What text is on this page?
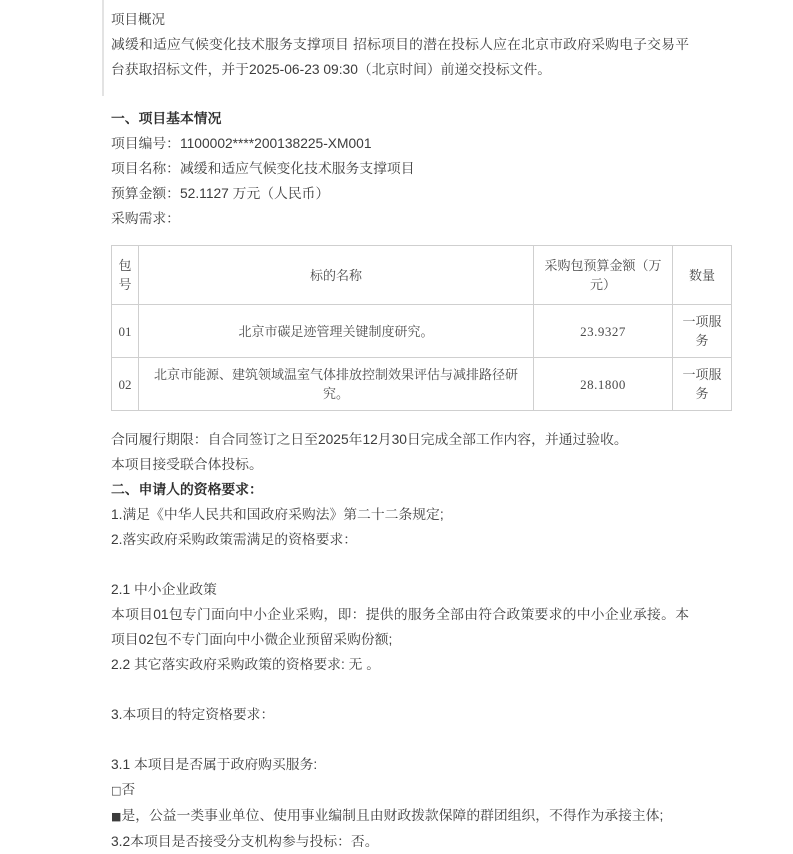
项目概况
减缓和适应气候变化技术服务支撑项目 招标项目的潜在投标人应在北京市政府采购电子交易平台获取招标文件，并于2025-06-23 09:30（北京时间）前递交投标文件。
一、项目基本情况
项目编号：1100002****200138225-XM001
项目名称：减缓和适应气候变化技术服务支撑项目
预算金额：52.1127 万元（人民币）
采购需求：
包号	标的名称	采购包预算金额（万元）	数量
01	北京市碳足迹管理关键制度研究。	23.9327	一项服务
02	北京市能源、建筑领域温室气体排放控制效果评估与减排路径研究。	28.1800	一项服务
合同履行期限：自合同签订之日至2025年12月30日完成全部工作内容，并通过验收。
本项目接受联合体投标。
二、申请人的资格要求：
1.满足《中华人民共和国政府采购法》第二十二条规定;
2.落实政府采购政策需满足的资格要求：
2.1 中小企业政策
本项目01包专门面向中小企业采购，即：提供的服务全部由符合政策要求的中小企业承接。本项目02包不专门面向中小微企业预留采购份额;
2.2 其它落实政府采购政策的资格要求: 无 。
3.本项目的特定资格要求：
3.1 本项目是否属于政府购买服务:
□否
■是，公益一类事业单位、使用事业编制且由财政拨款保障的群团组织，不得作为承接主体;
3.2本项目是否接受分支机构参与投标：否。
